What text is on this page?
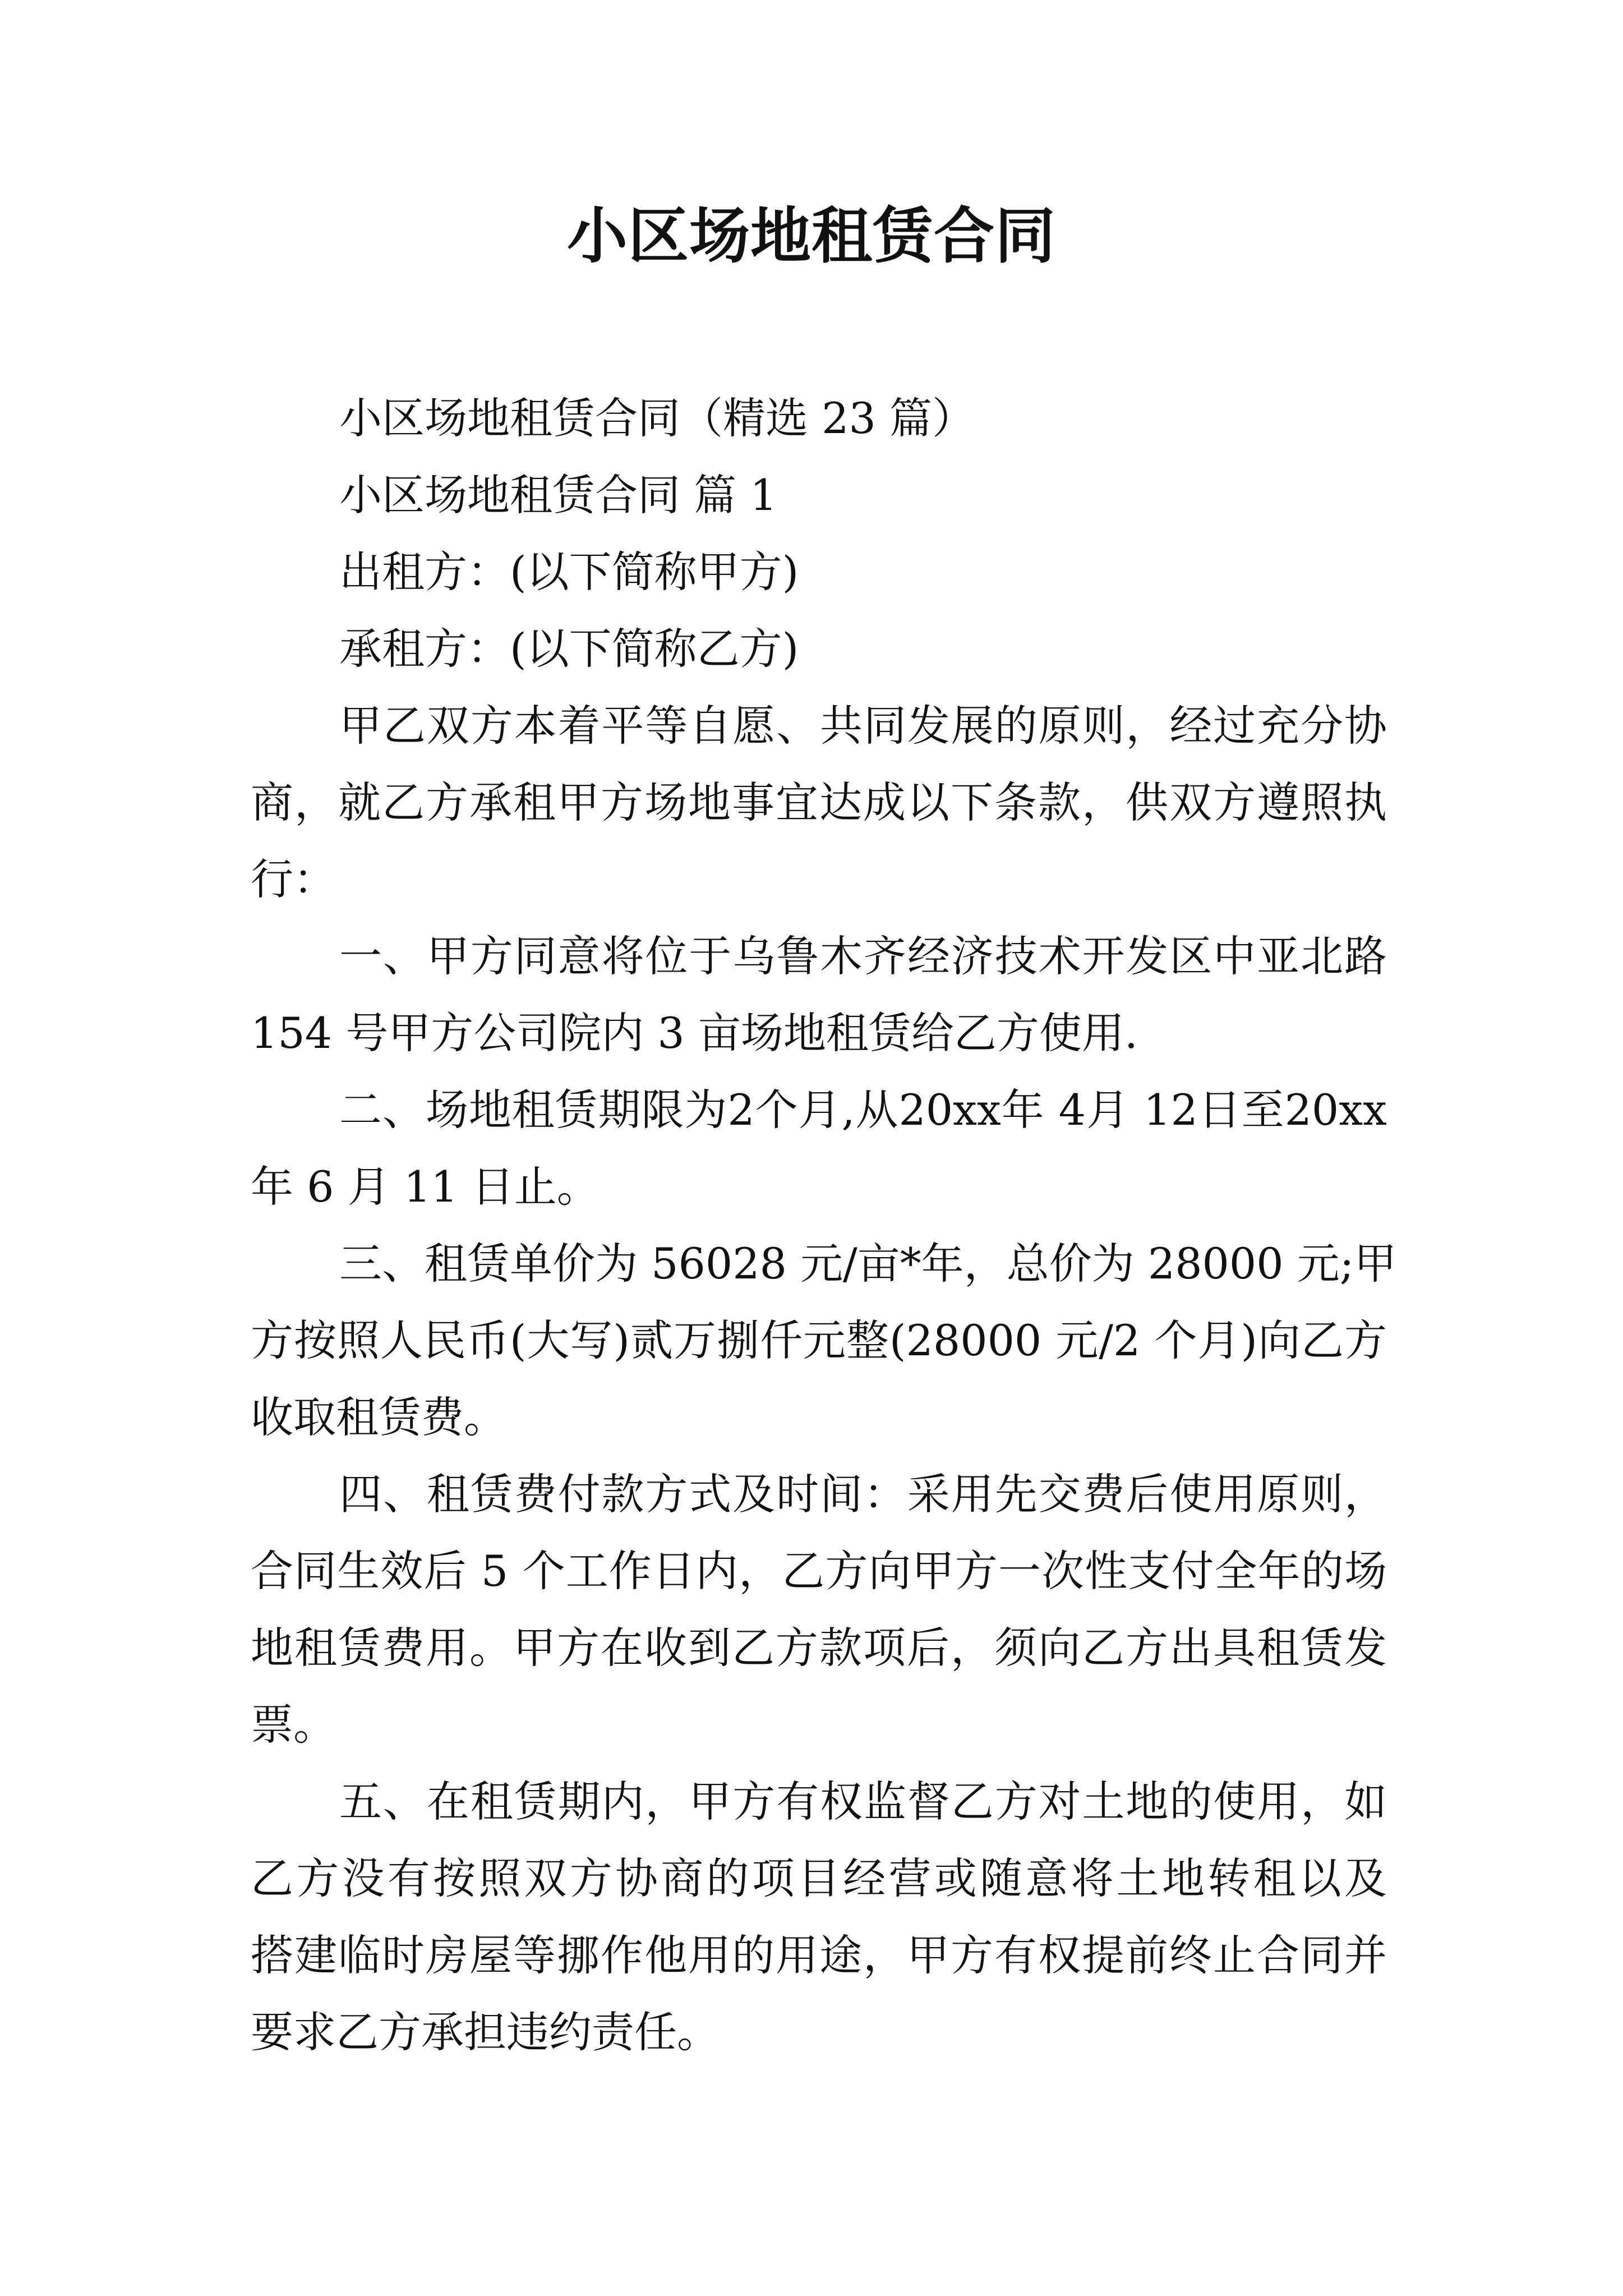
小区场地租赁合同
小区场地租赁合同（精选 23 篇）
小区场地租赁合同 篇 1
出租方：(以下简称甲方)
承租方：(以下简称乙方)
甲乙双方本着平等自愿、共同发展的原则，经过充分协
商，就乙方承租甲方场地事宜达成以下条款，供双方遵照执
行：
一、甲方同意将位于乌鲁木齐经济技术开发区中亚北路
154 号甲方公司院内 3 亩场地租赁给乙方使用.
二、场地租赁期限为2个月,从20xx年 4月 12日至20xx
年 6 月 11 日止。
三、租赁单价为 56028 元/亩*年，总价为 28000 元;甲
方按照人民币(大写)贰万捌仟元整(28000 元/2 个月)向乙方
收取租赁费。
四、租赁费付款方式及时间：采用先交费后使用原则，
合同生效后 5 个工作日内，乙方向甲方一次性支付全年的场
地租赁费用。甲方在收到乙方款项后，须向乙方出具租赁发
票。
五、在租赁期内，甲方有权监督乙方对土地的使用，如
乙方没有按照双方协商的项目经营或随意将土地转租以及
搭建临时房屋等挪作他用的用途，甲方有权提前终止合同并
要求乙方承担违约责任。
